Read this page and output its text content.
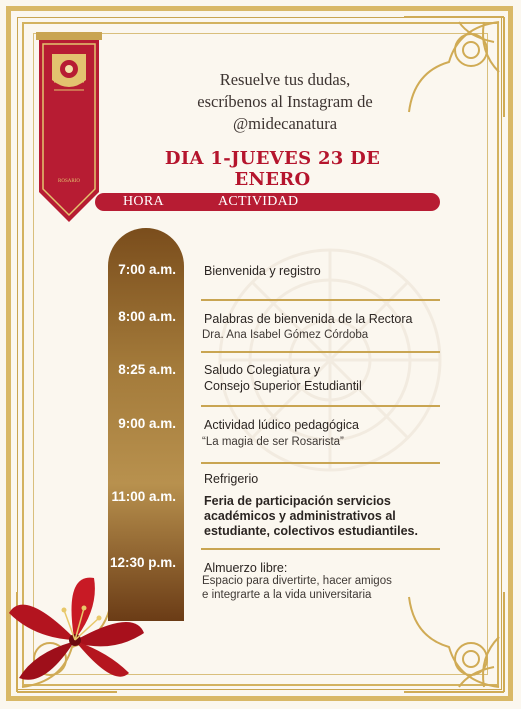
ROSARIO
Resuelve tus dudas,
escríbenos al Instagram de
@midecanatura
DIA 1-JUEVES 23 DE ENERO
HORA	ACTIVIDAD
7:00 a.m. Bienvenida y registro
8:00 a.m. Palabras de bienvenida de la Rectora
Dra. Ana Isabel Gómez Córdoba
8:25 a.m. Saludo Colegiatura y
Consejo Superior Estudiantil
9:00 a.m. Actividad lúdico pedagógica
“La magia de ser Rosarista”
Refrigerio
11:00 a.m. Feria de participación servicios
académicos y administrativos al
estudiante, colectivos estudiantiles.
12:30 p.m. Almuerzo libre:
Espacio para divertirte, hacer amigos
e integrarte a la vida universitaria
